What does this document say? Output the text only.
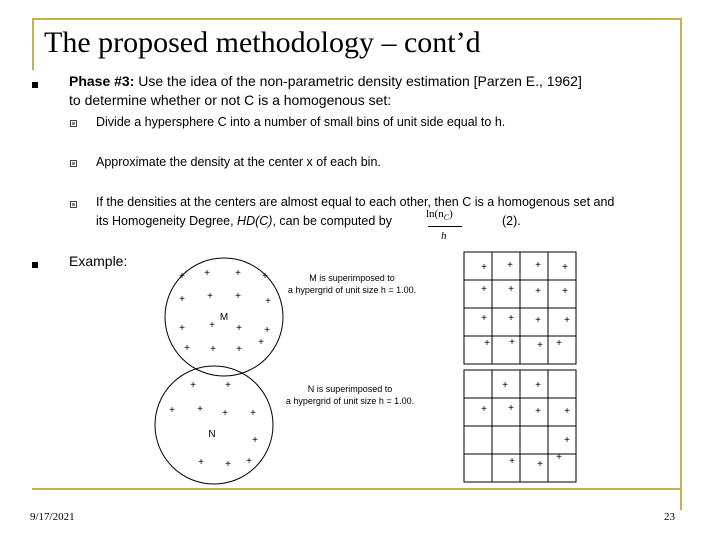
The proposed methodology – cont’d
Phase #3: Use the idea of the non-parametric density estimation [Parzen E., 1962]
to determine whether or not C is a homogenous set:
Divide a hypersphere C into a number of small bins of unit side equal to h.
Approximate the density at the center x of each bin.
If the densities at the centers are almost equal to each other, then C is a homogenous set and
its Homogeneity Degree, HD(C), can be computed by	(2).
$\ln(n_C)$
h
Example:
+ +	+ +
+ + + +
+ + + +
+ + +
+
+	+
+ + + +
+
+ + +
+ + + +
+ + + +
+ + + +
+ + + +
+	+
+ + + +
+
+ +
+
M
N
M is superimposed to
a hypergrid of unit size h = 1.00.
N is superimposed to
a hypergrid of unit size h = 1.00.
9/17/2021	23
